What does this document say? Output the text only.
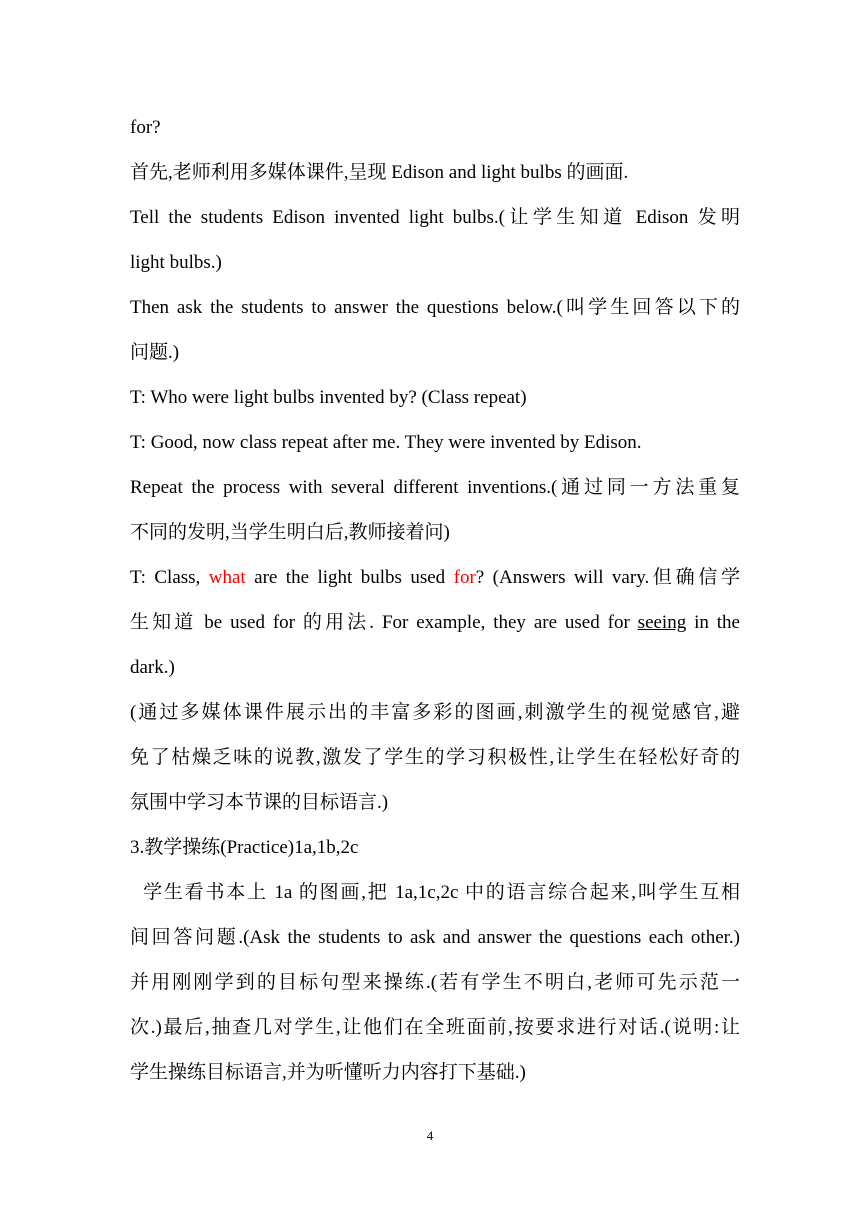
for?
首先,老师利用多媒体课件,呈现 Edison and light bulbs 的画面.
Tell the students Edison invented light bulbs.(让学生知道 Edison 发明
light bulbs.)
Then ask the students to answer the questions below.(叫学生回答以下的
问题.)
T: Who were light bulbs invented by? (Class repeat)
T: Good, now class repeat after me. They were invented by Edison.
Repeat the process with several different inventions.(通过同一方法重复
不同的发明,当学生明白后,教师接着问)
T: Class, what are the light bulbs used for? (Answers will vary.但确信学
生知道 be used for 的用法. For example, they are used for seeing in the
dark.)
(通过多媒体课件展示出的丰富多彩的图画,刺激学生的视觉感官,避
免了枯燥乏味的说教,激发了学生的学习积极性,让学生在轻松好奇的
氛围中学习本节课的目标语言.)
3.教学操练(Practice)1a,1b,2c
学生看书本上 1a 的图画,把 1a,1c,2c 中的语言综合起来,叫学生互相
间回答问题.(Ask the students to ask and answer the questions each other.)
并用刚刚学到的目标句型来操练.(若有学生不明白,老师可先示范一
次.)最后,抽查几对学生,让他们在全班面前,按要求进行对话.(说明:让
学生操练目标语言,并为听懂听力内容打下基础.)
4
